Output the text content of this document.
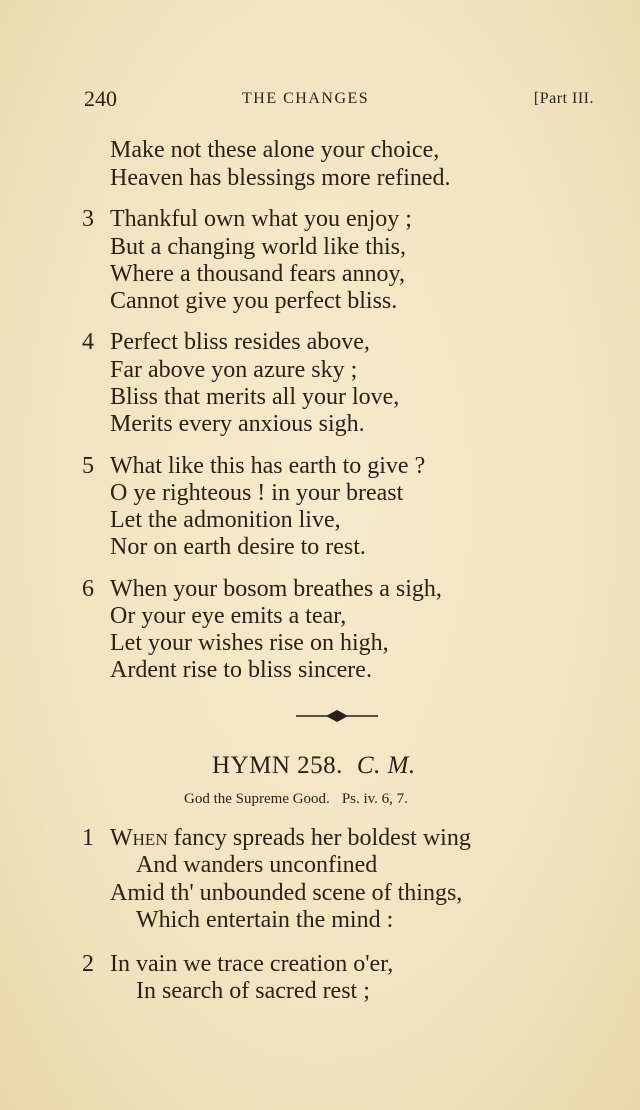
240	THE CHANGES	[Part III.
Make not these alone your choice,
Heaven has blessings more refined.
3 Thankful own what you enjoy ;
But a changing world like this,
Where a thousand fears annoy,
Cannot give you perfect bliss.
4 Perfect bliss resides above,
Far above yon azure sky ;
Bliss that merits all your love,
Merits every anxious sigh.
5 What like this has earth to give ?
O ye righteous ! in your breast
Let the admonition live,
Nor on earth desire to rest.
6 When your bosom breathes a sigh,
Or your eye emits a tear,
Let your wishes rise on high,
Ardent rise to bliss sincere.
HYMN 258. C. M.
God the Supreme Good. Ps. iv. 6, 7.
1 When fancy spreads her boldest wing
And wanders unconfined
Amid th' unbounded scene of things,
Which entertain the mind :
2 In vain we trace creation o'er,
In search of sacred rest ;
